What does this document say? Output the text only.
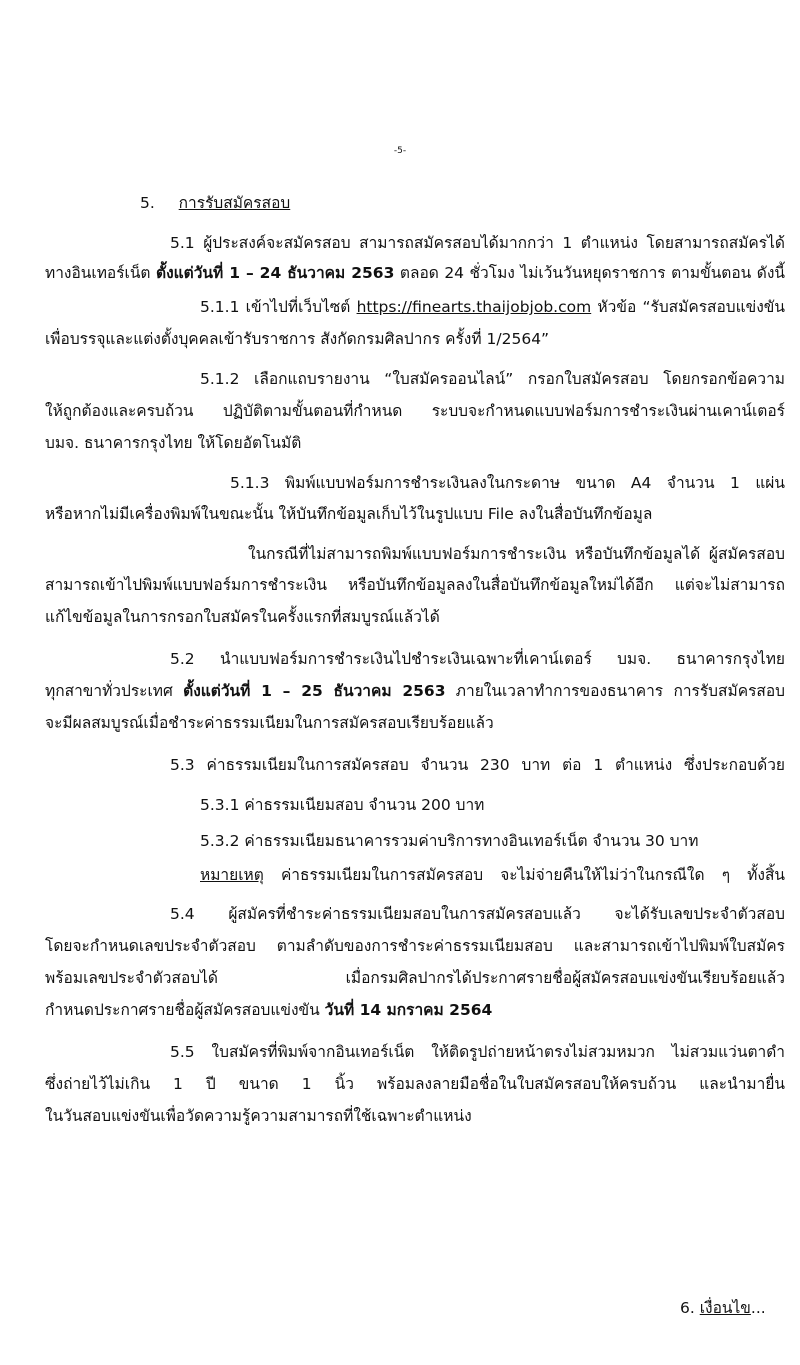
-5-
5. การรับสมัครสอบ
5.1 ผู้ประสงค์จะสมัครสอบ สามารถสมัครสอบได้มากกว่า 1 ตำแหน่ง โดยสามารถสมัครได้
ทางอินเทอร์เน็ต ตั้งแต่วันที่ 1 – 24 ธันวาคม 2563 ตลอด 24 ชั่วโมง ไม่เว้นวันหยุดราชการ ตามขั้นตอน ดังนี้
5.1.1 เข้าไปที่เว็บไซต์ https://finearts.thaijobjob.com หัวข้อ “รับสมัครสอบแข่งขัน
เพื่อบรรจุและแต่งตั้งบุคคลเข้ารับราชการ สังกัดกรมศิลปากร ครั้งที่ 1/2564”
5.1.2 เลือกแถบรายงาน “ใบสมัครออนไลน์” กรอกใบสมัครสอบ โดยกรอกข้อความ
ให้ถูกต้องและครบถ้วน ปฏิบัติตามขั้นตอนที่กำหนด ระบบจะกำหนดแบบฟอร์มการชำระเงินผ่านเคาน์เตอร์
บมจ. ธนาคารกรุงไทย ให้โดยอัตโนมัติ
5.1.3 พิมพ์แบบฟอร์มการชำระเงินลงในกระดาษ ขนาด A4 จำนวน 1 แผ่น
หรือหากไม่มีเครื่องพิมพ์ในขณะนั้น ให้บันทึกข้อมูลเก็บไว้ในรูปแบบ File ลงในสื่อบันทึกข้อมูล
ในกรณีที่ไม่สามารถพิมพ์แบบฟอร์มการชำระเงิน หรือบันทึกข้อมูลได้ ผู้สมัครสอบ
สามารถเข้าไปพิมพ์แบบฟอร์มการชำระเงิน หรือบันทึกข้อมูลลงในสื่อบันทึกข้อมูลใหม่ได้อีก แต่จะไม่สามารถ
แก้ไขข้อมูลในการกรอกใบสมัครในครั้งแรกที่สมบูรณ์แล้วได้
5.2 นำแบบฟอร์มการชำระเงินไปชำระเงินเฉพาะที่เคาน์เตอร์ บมจ. ธนาคารกรุงไทย
ทุกสาขาทั่วประเทศ ตั้งแต่วันที่ 1 – 25 ธันวาคม 2563 ภายในเวลาทำการของธนาคาร การรับสมัครสอบ
จะมีผลสมบูรณ์เมื่อชำระค่าธรรมเนียมในการสมัครสอบเรียบร้อยแล้ว
5.3 ค่าธรรมเนียมในการสมัครสอบ จำนวน 230 บาท ต่อ 1 ตำแหน่ง ซึ่งประกอบด้วย
5.3.1 ค่าธรรมเนียมสอบ จำนวน 200 บาท
5.3.2 ค่าธรรมเนียมธนาคารรวมค่าบริการทางอินเทอร์เน็ต จำนวน 30 บาท
หมายเหตุ ค่าธรรมเนียมในการสมัครสอบ จะไม่จ่ายคืนให้ไม่ว่าในกรณีใด ๆ ทั้งสิ้น
5.4 ผู้สมัครที่ชำระค่าธรรมเนียมสอบในการสมัครสอบแล้ว จะได้รับเลขประจำตัวสอบ
โดยจะกำหนดเลขประจำตัวสอบ ตามลำดับของการชำระค่าธรรมเนียมสอบ และสามารถเข้าไปพิมพ์ใบสมัคร
พร้อมเลขประจำตัวสอบได้ เมื่อกรมศิลปากรได้ประกาศรายชื่อผู้สมัครสอบแข่งขันเรียบร้อยแล้ว
กำหนดประกาศรายชื่อผู้สมัครสอบแข่งขัน วันที่ 14 มกราคม 2564
5.5 ใบสมัครที่พิมพ์จากอินเทอร์เน็ต ให้ติดรูปถ่ายหน้าตรงไม่สวมหมวก ไม่สวมแว่นตาดำ
ซึ่งถ่ายไว้ไม่เกิน 1 ปี ขนาด 1 นิ้ว พร้อมลงลายมือชื่อในใบสมัครสอบให้ครบถ้วน และนำมายื่น
ในวันสอบแข่งขันเพื่อวัดความรู้ความสามารถที่ใช้เฉพาะตำแหน่ง
6. เงื่อนไข...
